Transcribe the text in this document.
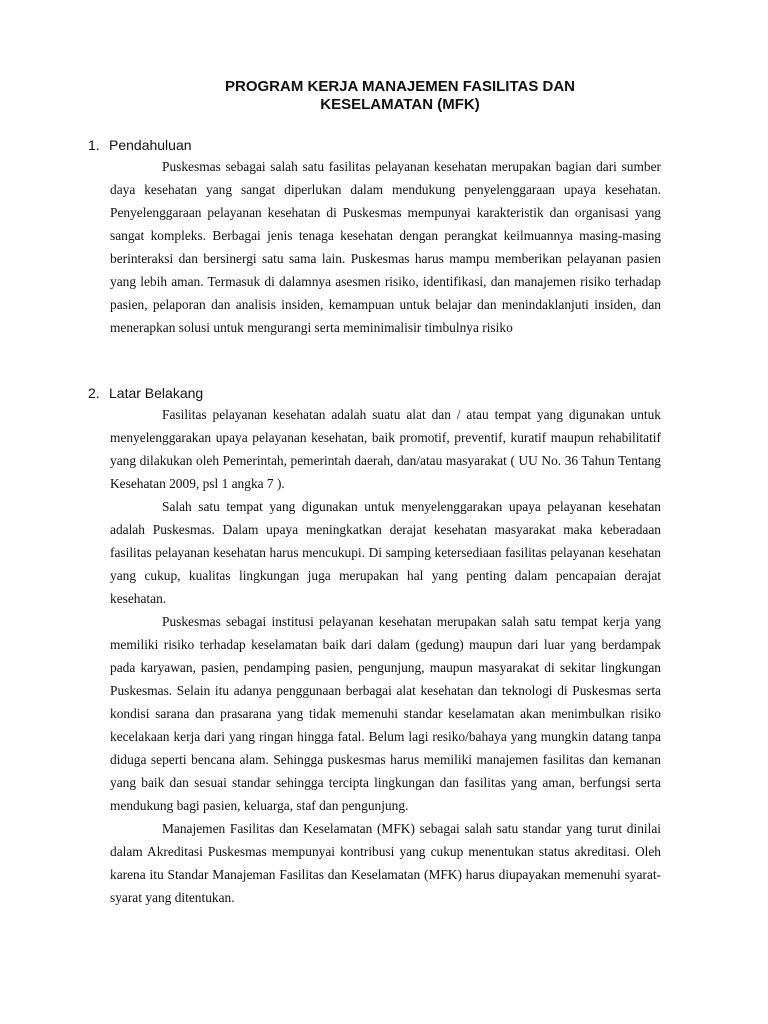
PROGRAM KERJA MANAJEMEN FASILITAS DAN
KESELAMATAN (MFK)
1. Pendahuluan

Puskesmas sebagai salah satu fasilitas pelayanan kesehatan merupakan bagian dari sumber daya kesehatan yang sangat diperlukan dalam mendukung penyelenggaraan upaya kesehatan. Penyelenggaraan pelayanan kesehatan di Puskesmas mempunyai karakteristik dan organisasi yang sangat kompleks. Berbagai jenis tenaga kesehatan dengan perangkat keilmuannya masing-masing berinteraksi dan bersinergi satu sama lain. Puskesmas harus mampu memberikan pelayanan pasien yang lebih aman. Termasuk di dalamnya asesmen risiko, identifikasi, dan manajemen risiko terhadap pasien, pelaporan dan analisis insiden, kemampuan untuk belajar dan menindaklanjuti insiden, dan menerapkan solusi untuk mengurangi serta meminimalisir timbulnya risiko

2. Latar Belakang

Fasilitas pelayanan kesehatan adalah suatu alat dan / atau tempat yang digunakan untuk menyelenggarakan upaya pelayanan kesehatan, baik promotif, preventif, kuratif maupun rehabilitatif yang dilakukan oleh Pemerintah, pemerintah daerah, dan/atau masyarakat ( UU No. 36 Tahun Tentang Kesehatan 2009, psl 1 angka 7 ).

Salah satu tempat yang digunakan untuk menyelenggarakan upaya pelayanan kesehatan adalah Puskesmas. Dalam upaya meningkatkan derajat kesehatan masyarakat maka keberadaan fasilitas pelayanan kesehatan harus mencukupi. Di samping ketersediaan fasilitas pelayanan kesehatan yang cukup, kualitas lingkungan juga merupakan hal yang penting dalam pencapaian derajat kesehatan.

Puskesmas sebagai institusi pelayanan kesehatan merupakan salah satu tempat kerja yang memiliki risiko terhadap keselamatan baik dari dalam (gedung) maupun dari luar yang berdampak pada karyawan, pasien, pendamping pasien, pengunjung, maupun masyarakat di sekitar lingkungan Puskesmas. Selain itu adanya penggunaan berbagai alat kesehatan dan teknologi di Puskesmas serta kondisi sarana dan prasarana yang tidak memenuhi standar keselamatan akan menimbulkan risiko kecelakaan kerja dari yang ringan hingga fatal. Belum lagi resiko/bahaya yang mungkin datang tanpa diduga seperti bencana alam. Sehingga puskesmas harus memiliki manajemen fasilitas dan kemanan yang baik dan sesuai standar sehingga tercipta lingkungan dan fasilitas yang aman, berfungsi serta mendukung bagi pasien, keluarga, staf dan pengunjung.

Manajemen Fasilitas dan Keselamatan (MFK) sebagai salah satu standar yang turut dinilai dalam Akreditasi Puskesmas mempunyai kontribusi yang cukup menentukan status akreditasi. Oleh karena itu Standar Manajeman Fasilitas dan Keselamatan (MFK) harus diupayakan memenuhi syarat-syarat yang ditentukan.
